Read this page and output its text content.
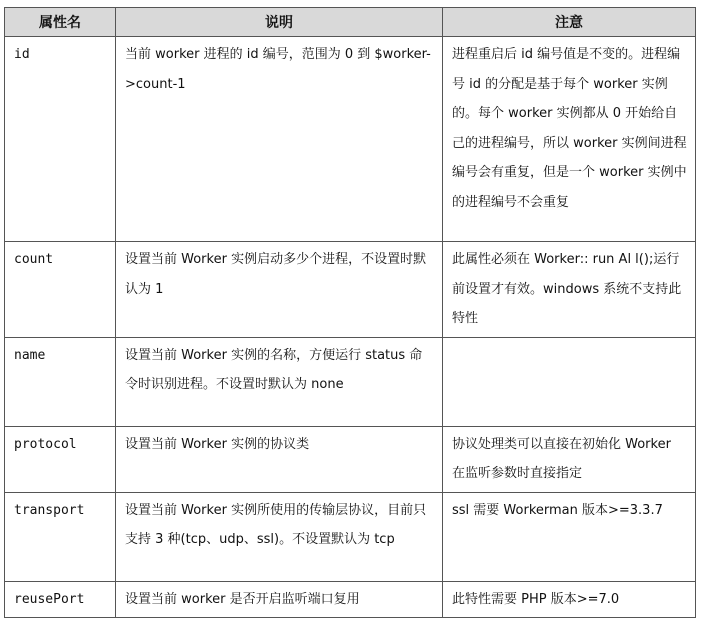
属性名	说明	注意
id	当前 worker 进程的 id 编号，范围为 0 到 $worker->count-1	进程重启后 id 编号值是不变的。进程编号 id 的分配是基于每个 worker 实例的。每个 worker 实例都从 0 开始给自己的进程编号，所以 worker 实例间进程编号会有重复，但是一个 worker 实例中的进程编号不会重复
count	设置当前 Worker 实例启动多少个进程，不设置时默认为 1	此属性必须在 Worker:: run Al l();运行前设置才有效。windows 系统不支持此特性
name	设置当前 Worker 实例的名称，方便运行 status 命令时识别进程。不设置时默认为 none	
protocol	设置当前 Worker 实例的协议类	协议处理类可以直接在初始化 Worker 在监听参数时直接指定
transport	设置当前 Worker 实例所使用的传输层协议，目前只支持 3 种(tcp、udp、ssl)。不设置默认为 tcp	ssl 需要 Workerman 版本>=3.3.7
reusePort	设置当前 worker 是否开启监听端口复用	此特性需要 PHP 版本>=7.0
